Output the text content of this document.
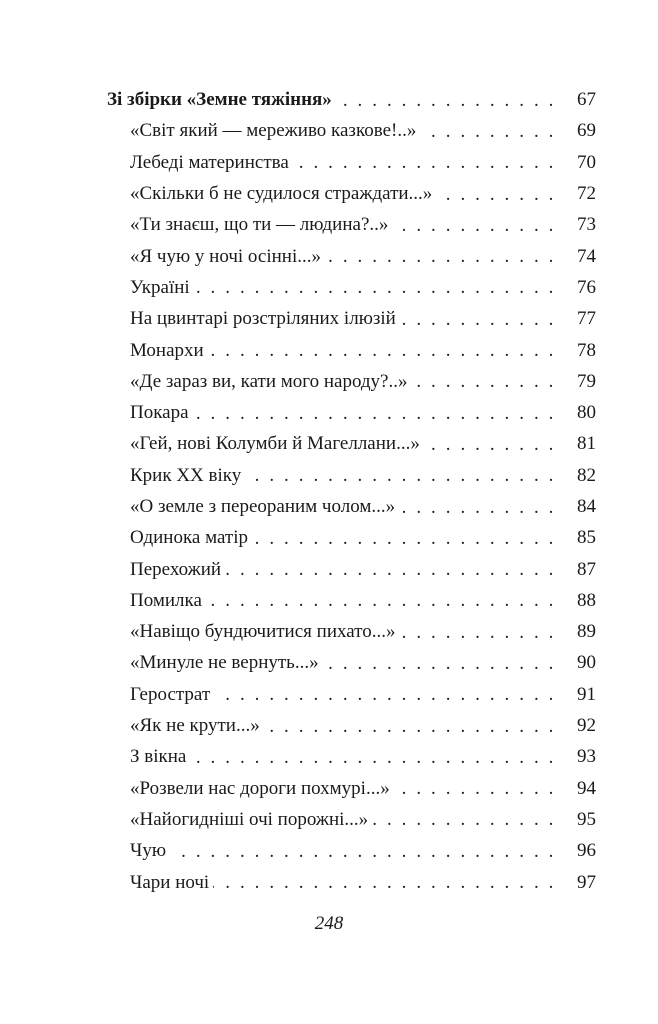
Зі збірки «Земне тяжіння» . . .	67
«Світ який — мереживо казкове!..» . . .	69
Лебеді материнства . . .	70
«Скільки б не судилося страждати...» . . .	72
«Ти знаєш, що ти — людина?..» . . .	73
«Я чую у ночі осінні...» . . .	74
Україні . . .	76
На цвинтарі розстріляних ілюзій . . .	77
Монархи . . .	78
«Де зараз ви, кати мого народу?..» . . .	79
Покара . . .	80
«Гей, нові Колумби й Магеллани...» . . .	81
Крик XX віку . . .	82
«О земле з переораним чолом...» . . .	84
Одинока матір . . .	85
Перехожий . . .	87
Помилка . . .	88
«Навіщо бундючитися пихато...» . . .	89
«Минуле не вернуть...» . . .	90
Герострат . . .	91
«Як не крути...» . . .	92
З вікна . . .	93
«Розвели нас дороги похмурі...» . . .	94
«Найогидніші очі порожні...» . . .	95
Чую . . .	96
Чари ночі . . .	97
248
